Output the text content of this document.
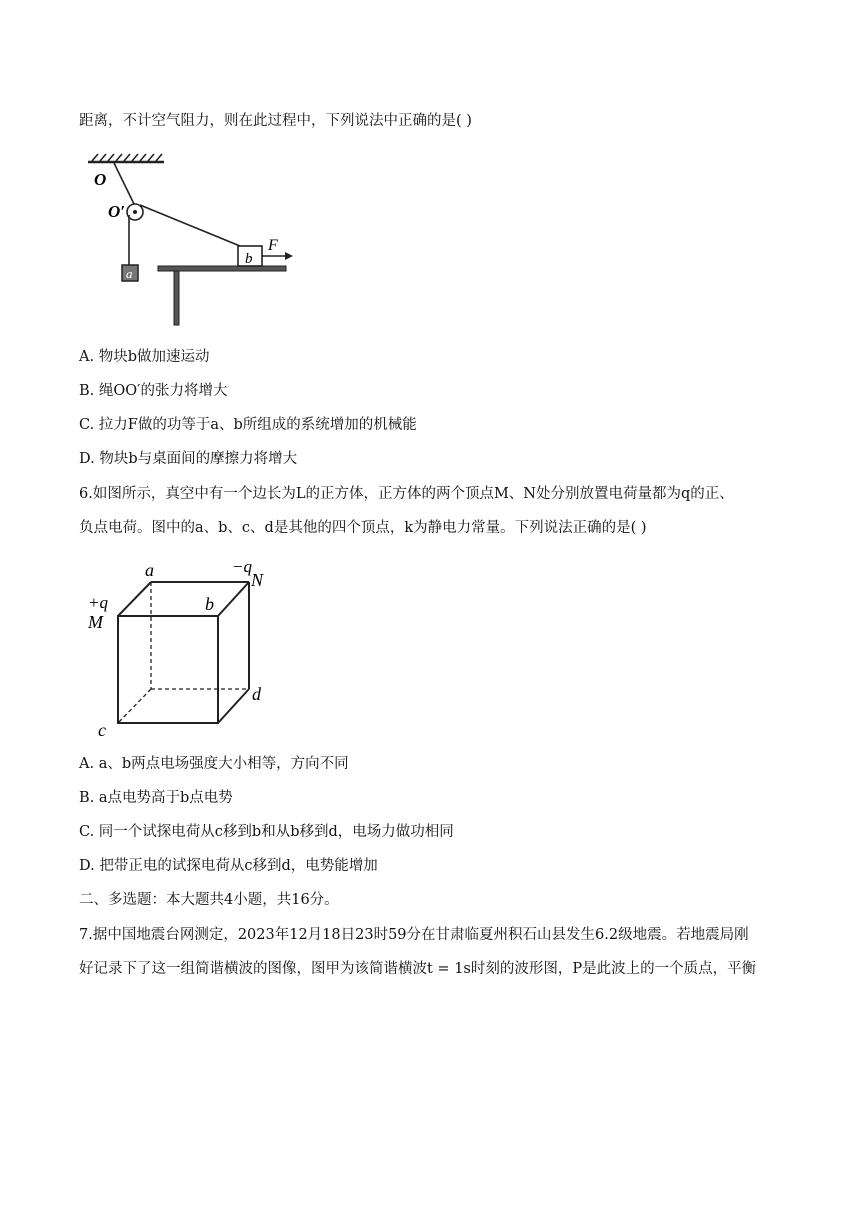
距离，不计空气阻力，则在此过程中，下列说法中正确的是( )
O
O′
a
b
F
A. 物块b做加速运动
B. 绳OO′的张力将增大
C. 拉力F做的功等于a、b所组成的系统增加的机械能
D. 物块b与桌面间的摩擦力将增大
6.如图所示，真空中有一个边长为L的正方体，正方体的两个顶点M、N处分别放置电荷量都为q的正、
负点电荷。图中的a、b、c、d是其他的四个顶点，k为静电力常量。下列说法正确的是( )
a	−q
N
b
+q
M
d
c
A. a、b两点电场强度大小相等，方向不同
B. a点电势高于b点电势
C. 同一个试探电荷从c移到b和从b移到d，电场力做功相同
D. 把带正电的试探电荷从c移到d，电势能增加
二、多选题：本大题共4小题，共16分。
7.据中国地震台网测定，2023年12月18日23时59分在甘肃临夏州积石山县发生6.2级地震。若地震局刚
好记录下了这一组简谐横波的图像，图甲为该简谐横波t = 1s时刻的波形图，P是此波上的一个质点，平衡
